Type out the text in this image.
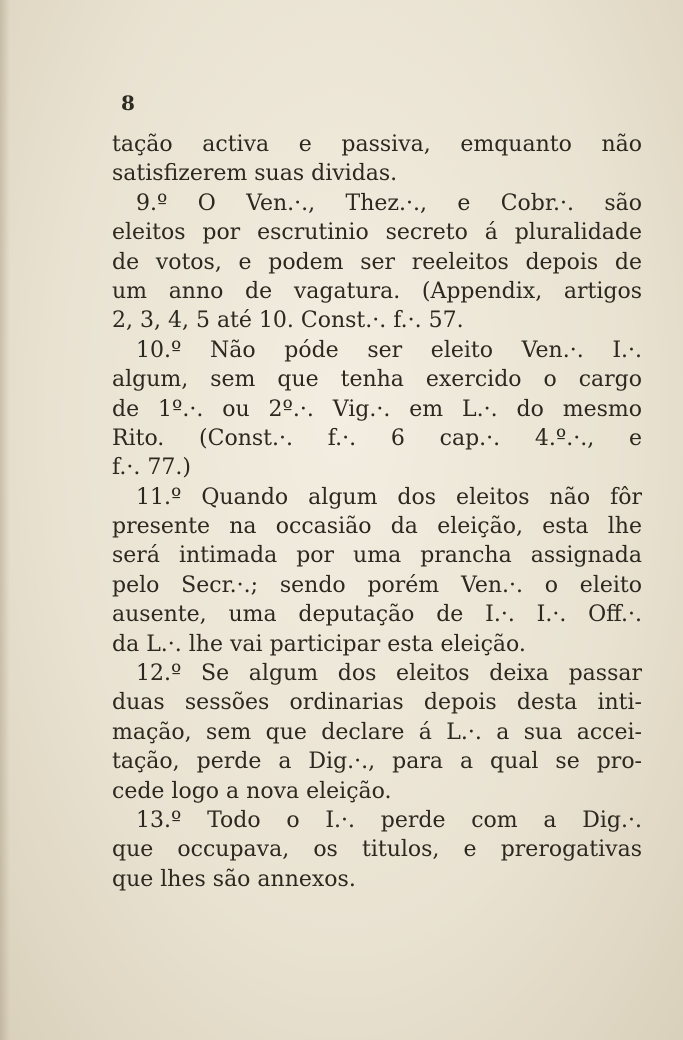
8
tação activa e passiva, emquanto não
satisfizerem suas dividas.
9.º O Ven.·., Thez.·., e Cobr.·. são
eleitos por escrutinio secreto á pluralidade
de votos, e podem ser reeleitos depois de
um anno de vagatura. (Appendix, artigos
2, 3, 4, 5 até 10. Const.·. f.·. 57.
10.º Não póde ser eleito Ven.·. I.·.
algum, sem que tenha exercido o cargo
de 1º.·. ou 2º.·. Vig.·. em L.·. do mesmo
Rito. (Const.·. f.·. 6 cap.·. 4.º.·., e
f.·. 77.)
11.º Quando algum dos eleitos não fôr
presente na occasião da eleição, esta lhe
será intimada por uma prancha assignada
pelo Secr.·.; sendo porém Ven.·. o eleito
ausente, uma deputação de I.·. I.·. Off.·.
da L.·. lhe vai participar esta eleição.
12.º Se algum dos eleitos deixa passar
duas sessões ordinarias depois desta inti-
mação, sem que declare á L.·. a sua accei-
tação, perde a Dig.·., para a qual se pro-
cede logo a nova eleição.
13.º Todo o I.·. perde com a Dig.·.
que occupava, os titulos, e prerogativas
que lhes são annexos.
